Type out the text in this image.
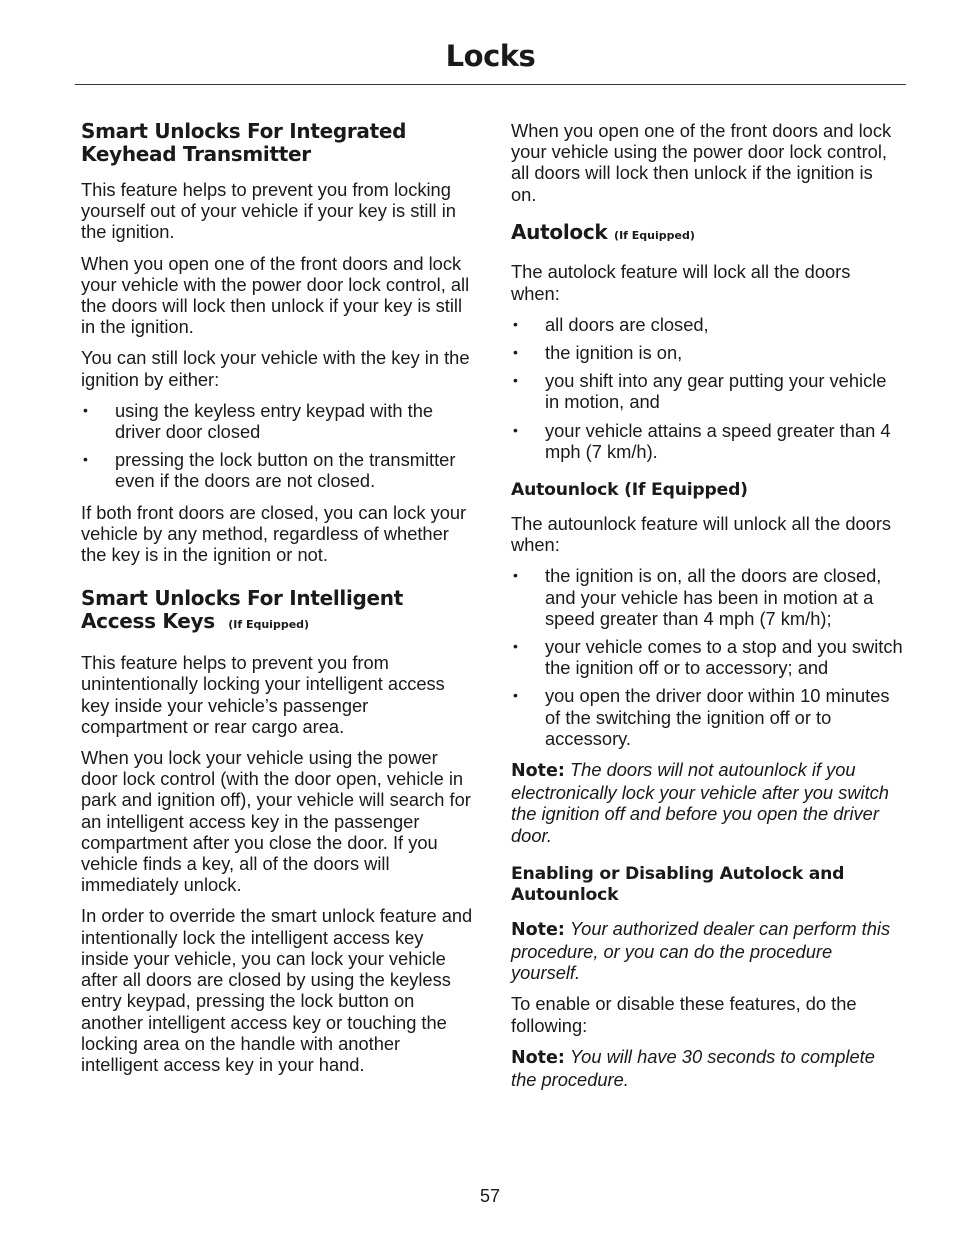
Locks
Smart Unlocks For Integrated Keyhead Transmitter

This feature helps to prevent you from locking yourself out of your vehicle if your key is still in the ignition.

When you open one of the front doors and lock your vehicle with the power door lock control, all the doors will lock then unlock if your key is still in the ignition.

You can still lock your vehicle with the key in the ignition by either:

• using the keyless entry keypad with the driver door closed
• pressing the lock button on the transmitter even if the doors are not closed.

If both front doors are closed, you can lock your vehicle by any method, regardless of whether the key is in the ignition or not.

Smart Unlocks For Intelligent Access Keys (If Equipped)

This feature helps to prevent you from unintentionally locking your intelligent access key inside your vehicle’s passenger compartment or rear cargo area.

When you lock your vehicle using the power door lock control (with the door open, vehicle in park and ignition off), your vehicle will search for an intelligent access key in the passenger compartment after you close the door. If you vehicle finds a key, all of the doors will immediately unlock.

In order to override the smart unlock feature and intentionally lock the intelligent access key inside your vehicle, you can lock your vehicle after all doors are closed by using the keyless entry keypad, pressing the lock button on another intelligent access key or touching the locking area on the handle with another intelligent access key in your hand.

When you open one of the front doors and lock your vehicle using the power door lock control, all doors will lock then unlock if the ignition is on.

Autolock (If Equipped)

The autolock feature will lock all the doors when:

• all doors are closed,
• the ignition is on,
• you shift into any gear putting your vehicle in motion, and
• your vehicle attains a speed greater than 4 mph (7 km/h).
Autounlock (If Equipped)

The autounlock feature will unlock all the doors when:

• the ignition is on, all the doors are closed, and your vehicle has been in motion at a speed greater than 4 mph (7 km/h);
• your vehicle comes to a stop and you switch the ignition off or to accessory; and
• you open the driver door within 10 minutes of the switching the ignition off or to accessory.

Note: The doors will not autounlock if you electronically lock your vehicle after you switch the ignition off and before you open the driver door.

Enabling or Disabling Autolock and Autounlock

Note: Your authorized dealer can perform this procedure, or you can do the procedure yourself.

To enable or disable these features, do the following:

Note: You will have 30 seconds to complete the procedure.

57
